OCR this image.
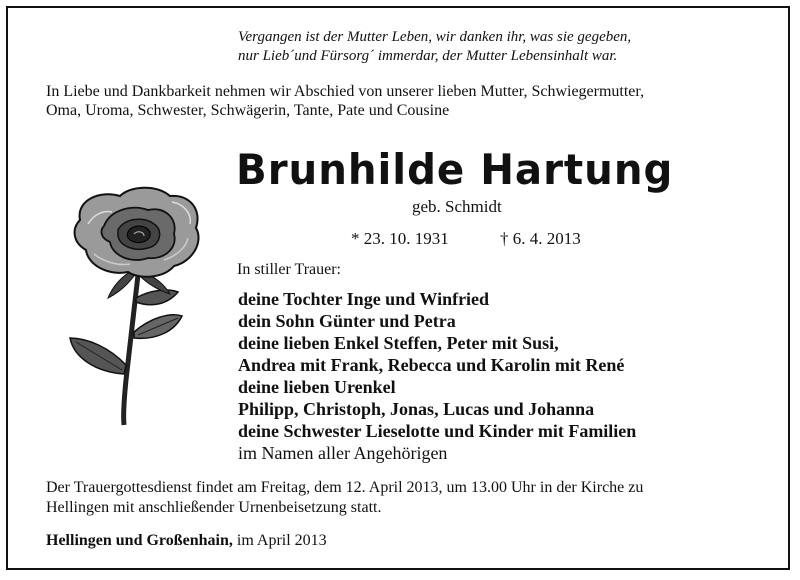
Vergangen ist der Mutter Leben, wir danken ihr, was sie gegeben,
nur Lieb´und Fürsorg´ immerdar, der Mutter Lebensinhalt war.
In Liebe und Dankbarkeit nehmen wir Abschied von unserer lieben Mutter, Schwiegermutter,
Oma, Uroma, Schwester, Schwägerin, Tante, Pate und Cousine
Brunhilde Hartung
geb. Schmidt
* 23. 10. 1931	† 6. 4. 2013
In stiller Trauer:
deine Tochter Inge und Winfried
dein Sohn Günter und Petra
deine lieben Enkel Steffen, Peter mit Susi,
Andrea mit Frank, Rebecca und Karolin mit René
deine lieben Urenkel
Philipp, Christoph, Jonas, Lucas und Johanna
deine Schwester Lieselotte und Kinder mit Familien
im Namen aller Angehörigen
Der Trauergottesdienst findet am Freitag, dem 12. April 2013, um 13.00 Uhr in der Kirche zu
Hellingen mit anschließender Urnenbeisetzung statt.
Hellingen und Großenhain, im April 2013
